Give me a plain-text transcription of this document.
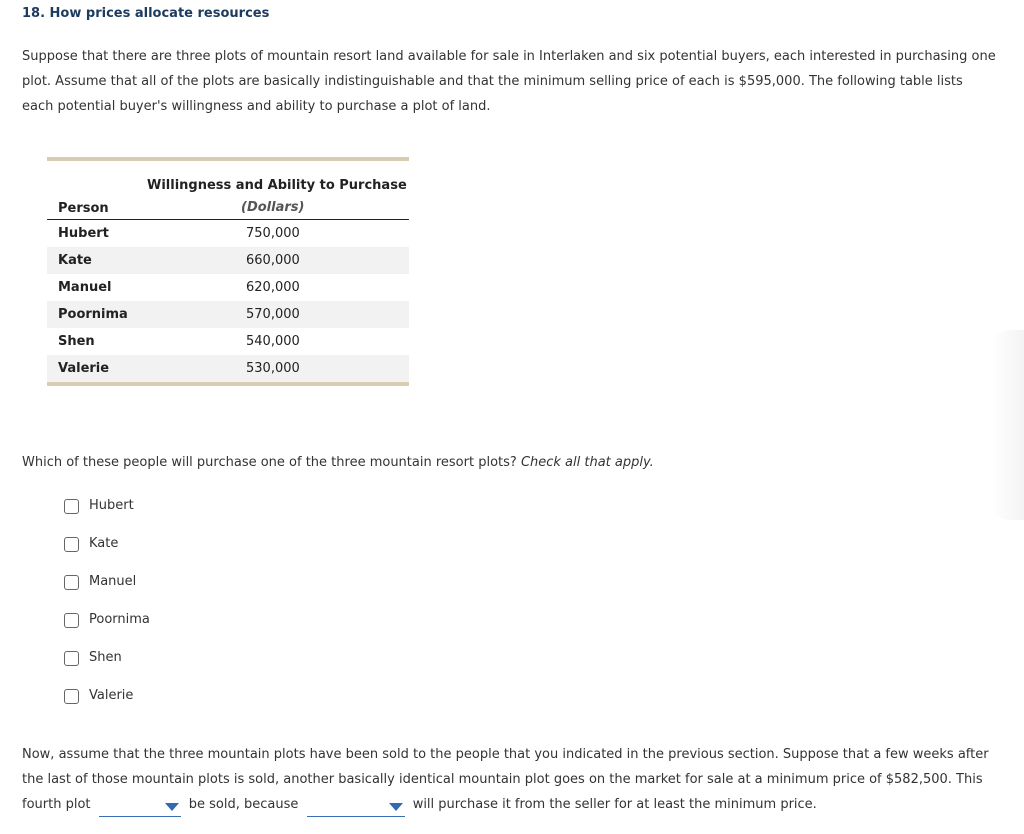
18. How prices allocate resources
Suppose that there are three plots of mountain resort land available for sale in Interlaken and six potential buyers, each interested in purchasing one plot. Assume that all of the plots are basically indistinguishable and that the minimum selling price of each is $595,000. The following table lists each potential buyer's willingness and ability to purchase a plot of land.
Willingness and Ability to Purchase
Person	(Dollars)
Hubert	750,000
Kate	660,000
Manuel	620,000
Poornima	570,000
Shen	540,000
Valerie	530,000
Which of these people will purchase one of the three mountain resort plots? Check all that apply.
Hubert
Kate
Manuel
Poornima
Shen
Valerie
Now, assume that the three mountain plots have been sold to the people that you indicated in the previous section. Suppose that a few weeks after the last of those mountain plots is sold, another basically identical mountain plot goes on the market for sale at a minimum price of $582,500. This fourth plot	be sold, because	will purchase it from the seller for at least the minimum price.
